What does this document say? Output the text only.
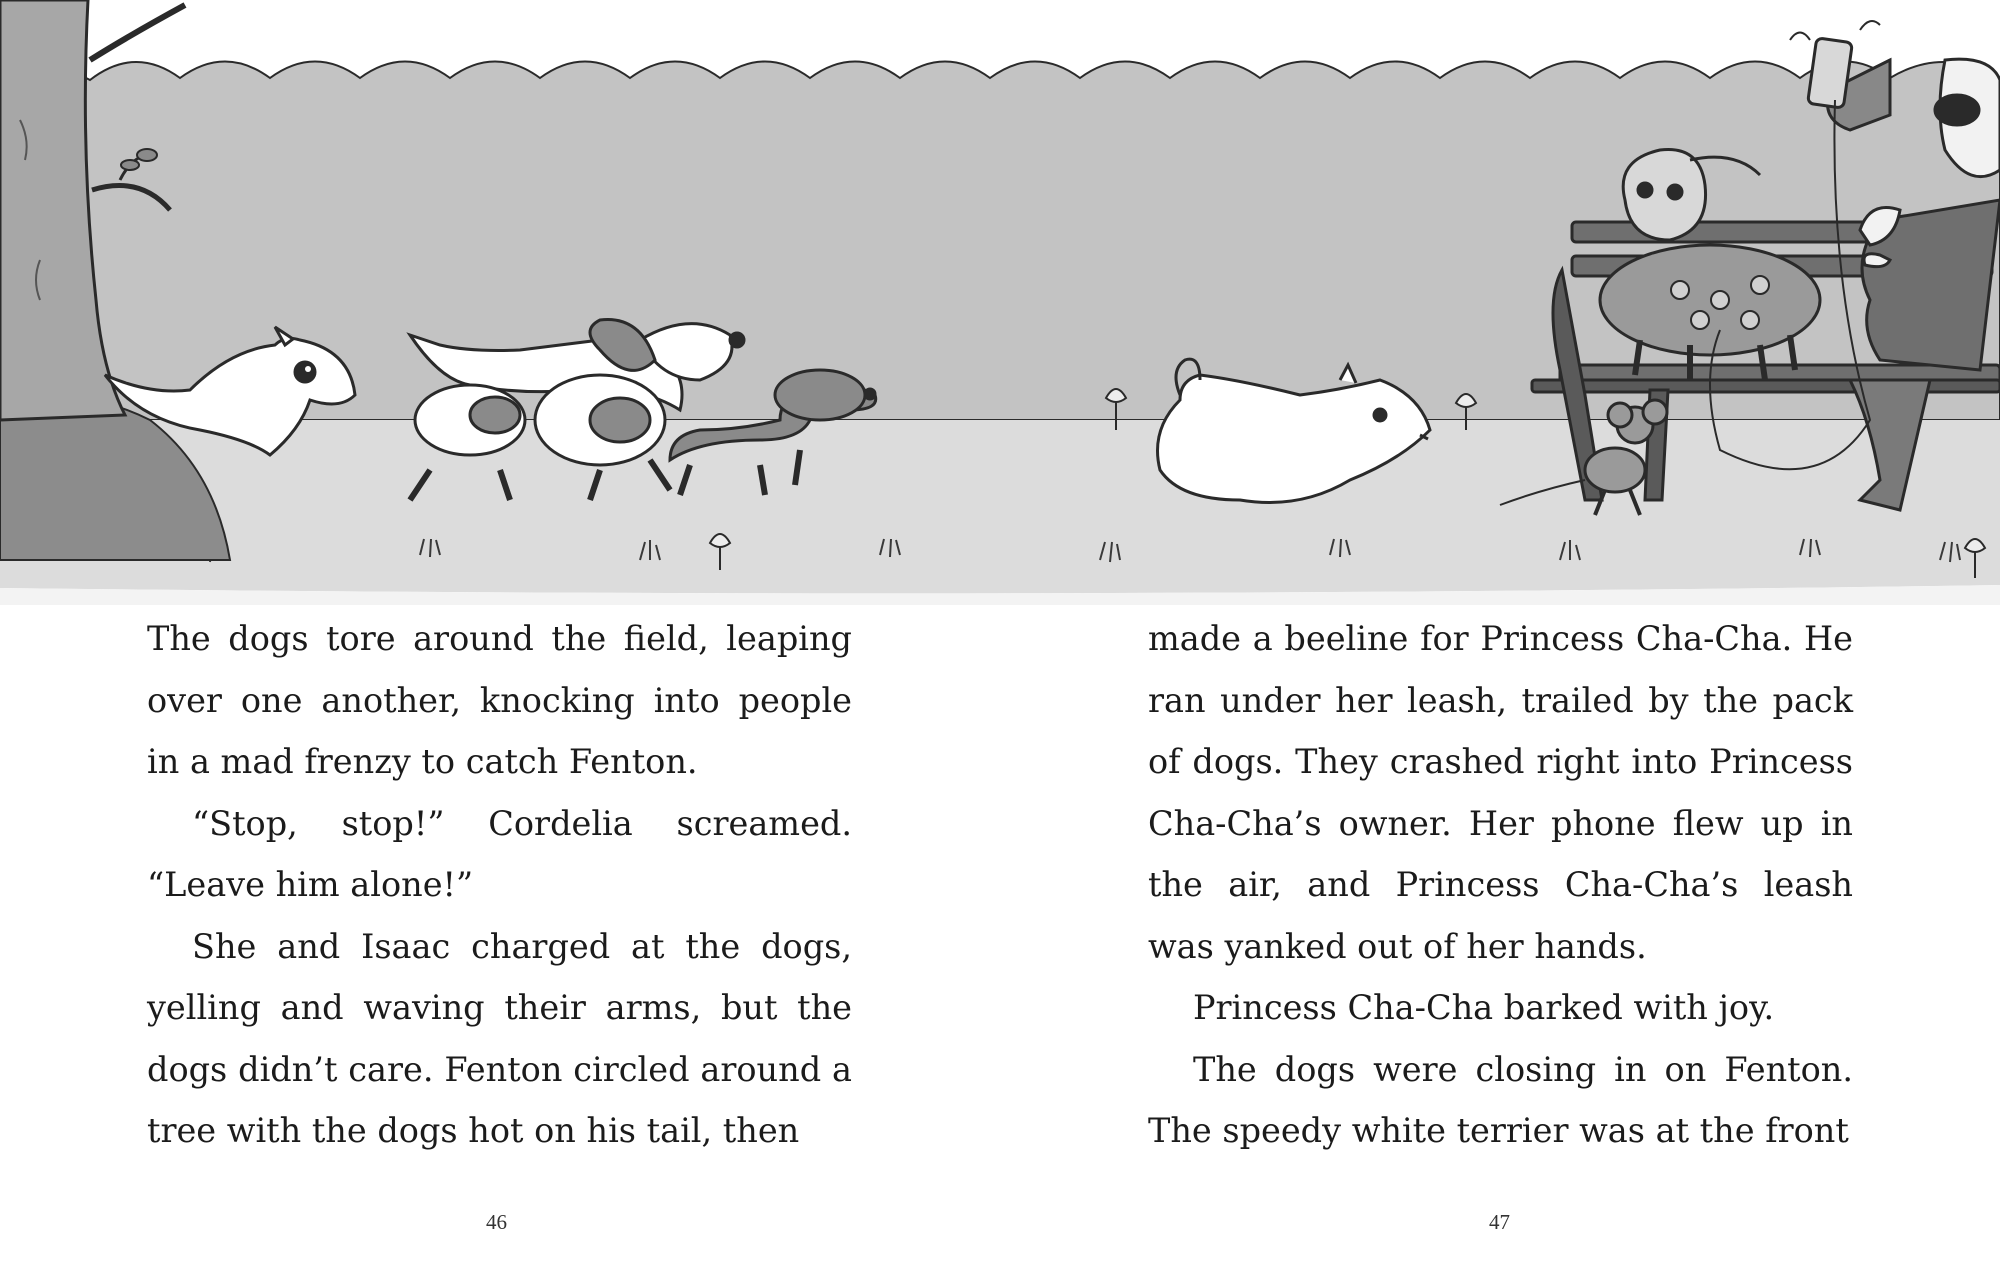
The dogs tore around the field, leaping over one another, knocking into people in a mad frenzy to catch Fenton.

“Stop, stop!” Cordelia screamed. “Leave him alone!”

She and Isaac charged at the dogs, yelling and waving their arms, but the dogs didn’t care. Fenton circled around a tree with the dogs hot on his tail, then

made a beeline for Princess Cha-Cha. He ran under her leash, trailed by the pack of dogs. They crashed right into Princess Cha-Cha’s owner. Her phone flew up in the air, and Princess Cha-Cha’s leash was yanked out of her hands.

Princess Cha-Cha barked with joy.

The dogs were closing in on Fenton. The speedy white terrier was at the front

46	47
